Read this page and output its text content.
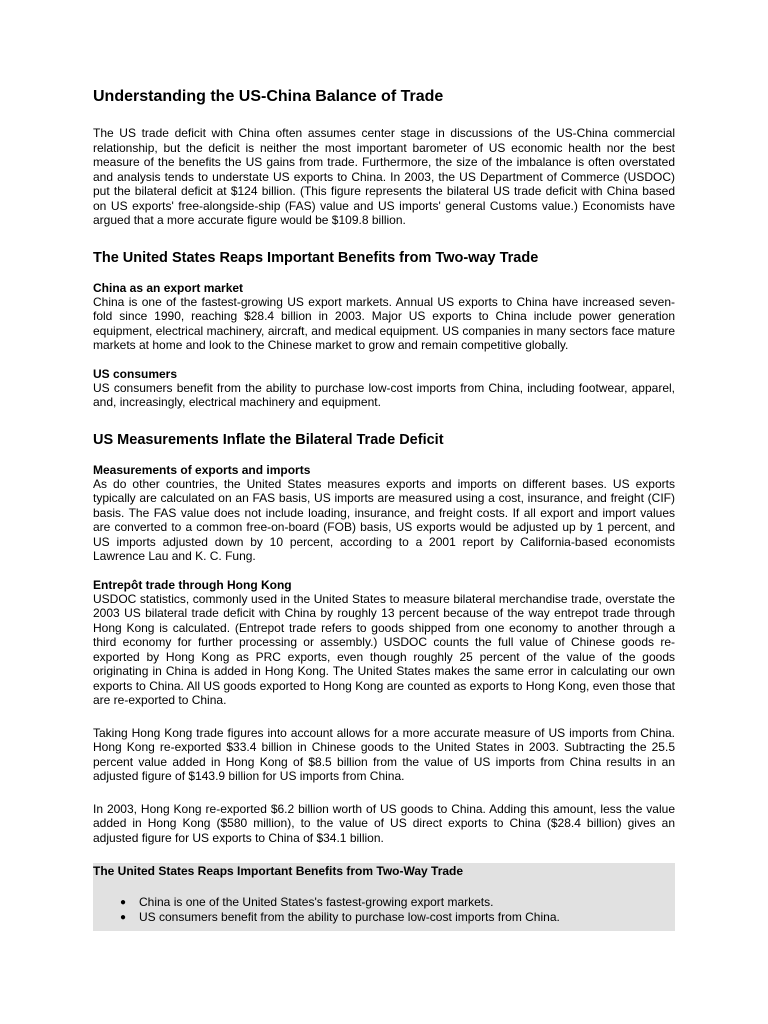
Understanding the US-China Balance of Trade

The US trade deficit with China often assumes center stage in discussions of the US-China commercial relationship, but the deficit is neither the most important barometer of US economic health nor the best measure of the benefits the US gains from trade. Furthermore, the size of the imbalance is often overstated and analysis tends to understate US exports to China. In 2003, the US Department of Commerce (USDOC) put the bilateral deficit at $124 billion. (This figure represents the bilateral US trade deficit with China based on US exports' free-alongside-ship (FAS) value and US imports' general Customs value.) Economists have argued that a more accurate figure would be $109.8 billion.

The United States Reaps Important Benefits from Two-way Trade
China as an export market

China is one of the fastest-growing US export markets. Annual US exports to China have increased seven-fold since 1990, reaching $28.4 billion in 2003. Major US exports to China include power generation equipment, electrical machinery, aircraft, and medical equipment. US companies in many sectors face mature markets at home and look to the Chinese market to grow and remain competitive globally.

US consumers

US consumers benefit from the ability to purchase low-cost imports from China, including footwear, apparel, and, increasingly, electrical machinery and equipment.

US Measurements Inflate the Bilateral Trade Deficit
Measurements of exports and imports

As do other countries, the United States measures exports and imports on different bases. US exports typically are calculated on an FAS basis, US imports are measured using a cost, insurance, and freight (CIF) basis. The FAS value does not include loading, insurance, and freight costs. If all export and import values are converted to a common free-on-board (FOB) basis, US exports would be adjusted up by 1 percent, and US imports adjusted down by 10 percent, according to a 2001 report by California-based economists Lawrence Lau and K. C. Fung.

Entrepôt trade through Hong Kong

USDOC statistics, commonly used in the United States to measure bilateral merchandise trade, overstate the 2003 US bilateral trade deficit with China by roughly 13 percent because of the way entrepot trade through Hong Kong is calculated. (Entrepot trade refers to goods shipped from one economy to another through a third economy for further processing or assembly.) USDOC counts the full value of Chinese goods re-exported by Hong Kong as PRC exports, even though roughly 25 percent of the value of the goods originating in China is added in Hong Kong. The United States makes the same error in calculating our own exports to China. All US goods exported to Hong Kong are counted as exports to Hong Kong, even those that are re-exported to China.

Taking Hong Kong trade figures into account allows for a more accurate measure of US imports from China. Hong Kong re-exported $33.4 billion in Chinese goods to the United States in 2003. Subtracting the 25.5 percent value added in Hong Kong of $8.5 billion from the value of US imports from China results in an adjusted figure of $143.9 billion for US imports from China.

In 2003, Hong Kong re-exported $6.2 billion worth of US goods to China. Adding this amount, less the value added in Hong Kong ($580 million), to the value of US direct exports to China ($28.4 billion) gives an adjusted figure for US exports to China of $34.1 billion.

The United States Reaps Important Benefits from Two-Way Trade
● China is one of the United States's fastest-growing export markets.
● US consumers benefit from the ability to purchase low-cost imports from China.
